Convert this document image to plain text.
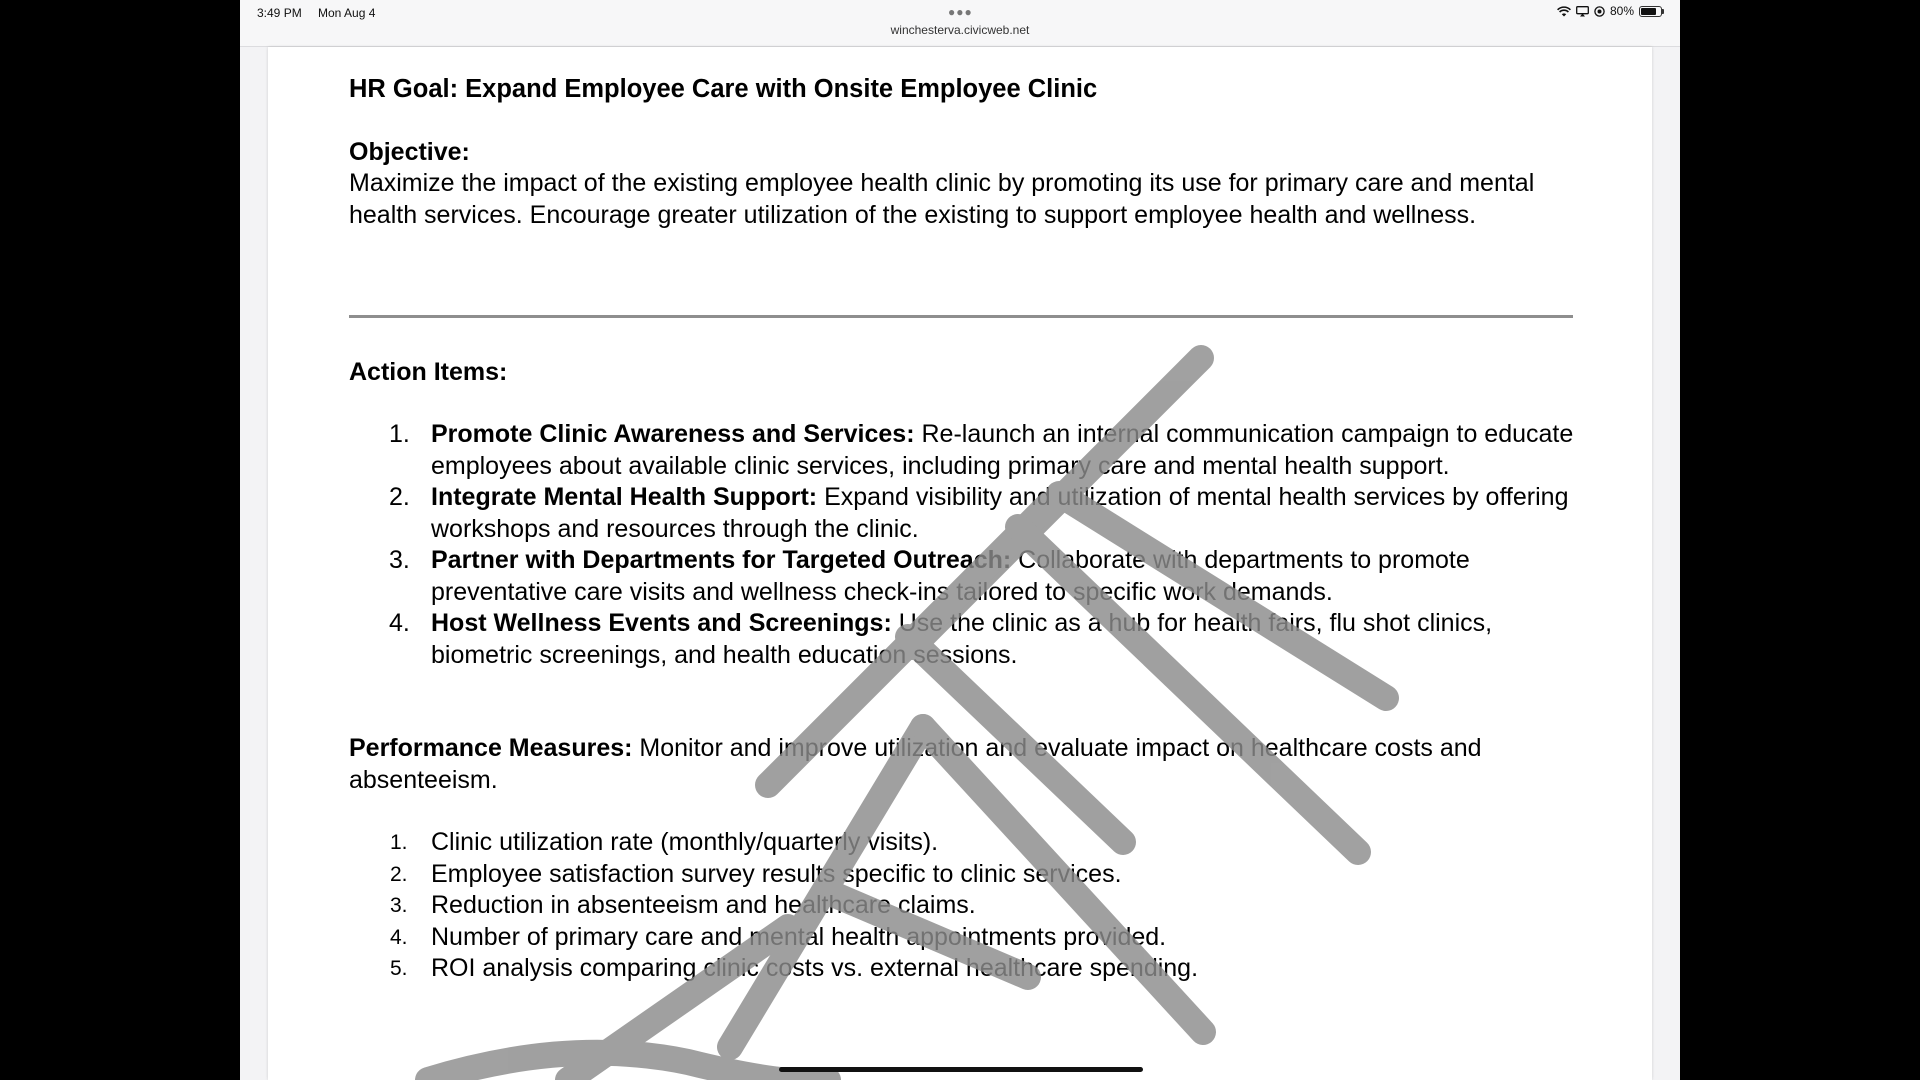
3:49 PM Mon Aug 4	●●●
winchesterva.civicweb.net
80%
HR Goal: Expand Employee Care with Onsite Employee Clinic
Objective:
Maximize the impact of the existing employee health clinic by promoting its use for primary care and mental health services. Encourage greater utilization of the existing to support employee health and wellness.
Action Items:
1. Promote Clinic Awareness and Services: Re-launch an internal communication campaign to educate employees about available clinic services, including primary care and mental health support.
2. Integrate Mental Health Support: Expand visibility and utilization of mental health services by offering workshops and resources through the clinic.
3. Partner with Departments for Targeted Outreach: Collaborate with departments to promote preventative care visits and wellness check-ins tailored to specific work demands.
4. Host Wellness Events and Screenings: Use the clinic as a hub for health fairs, flu shot clinics, biometric screenings, and health education sessions.
Performance Measures: Monitor and improve utilization and evaluate impact on healthcare costs and absenteeism.
1. Clinic utilization rate (monthly/quarterly visits).
2. Employee satisfaction survey results specific to clinic services.
3. Reduction in absenteeism and healthcare claims.
4. Number of primary care and mental health appointments provided.
5. ROI analysis comparing clinic costs vs. external healthcare spending.
